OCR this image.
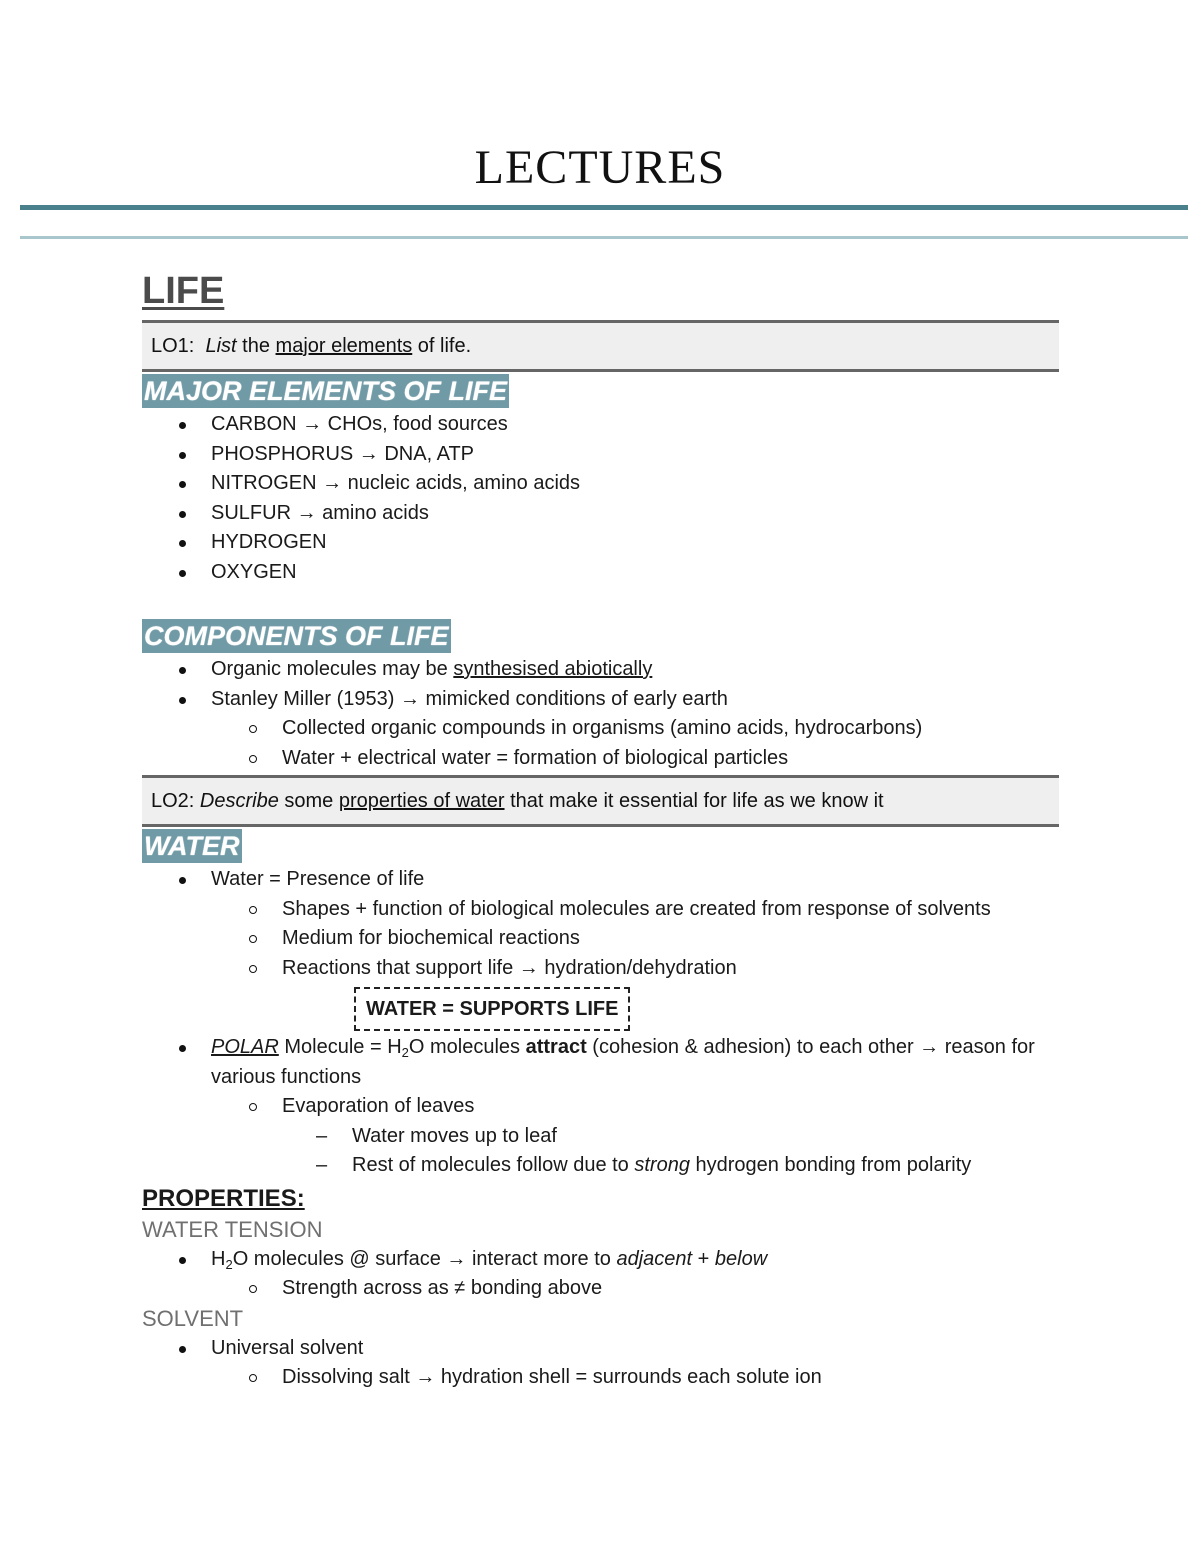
LECTURES
LIFE
LO1: List the major elements of life.
MAJOR ELEMENTS OF LIFE
CARBON → CHOs, food sources
PHOSPHORUS → DNA, ATP
NITROGEN → nucleic acids, amino acids
SULFUR → amino acids
HYDROGEN
OXYGEN
COMPONENTS OF LIFE
Organic molecules may be synthesised abiotically
Stanley Miller (1953) → mimicked conditions of early earth
Collected organic compounds in organisms (amino acids, hydrocarbons)
Water + electrical water = formation of biological particles
LO2: Describe some properties of water that make it essential for life as we know it
WATER
Water = Presence of life
Shapes + function of biological molecules are created from response of solvents
Medium for biochemical reactions
Reactions that support life → hydration/dehydration
WATER = SUPPORTS LIFE
POLAR Molecule = $H_2O$ molecules attract (cohesion & adhesion) to each other → reason for various functions
Evaporation of leaves
– Water moves up to leaf
– Rest of molecules follow due to strong hydrogen bonding from polarity
PROPERTIES:
WATER TENSION
$H_2O$ molecules @ surface → interact more to adjacent + below
Strength across as ≠ bonding above
SOLVENT
Universal solvent
Dissolving salt → hydration shell = surrounds each solute ion
